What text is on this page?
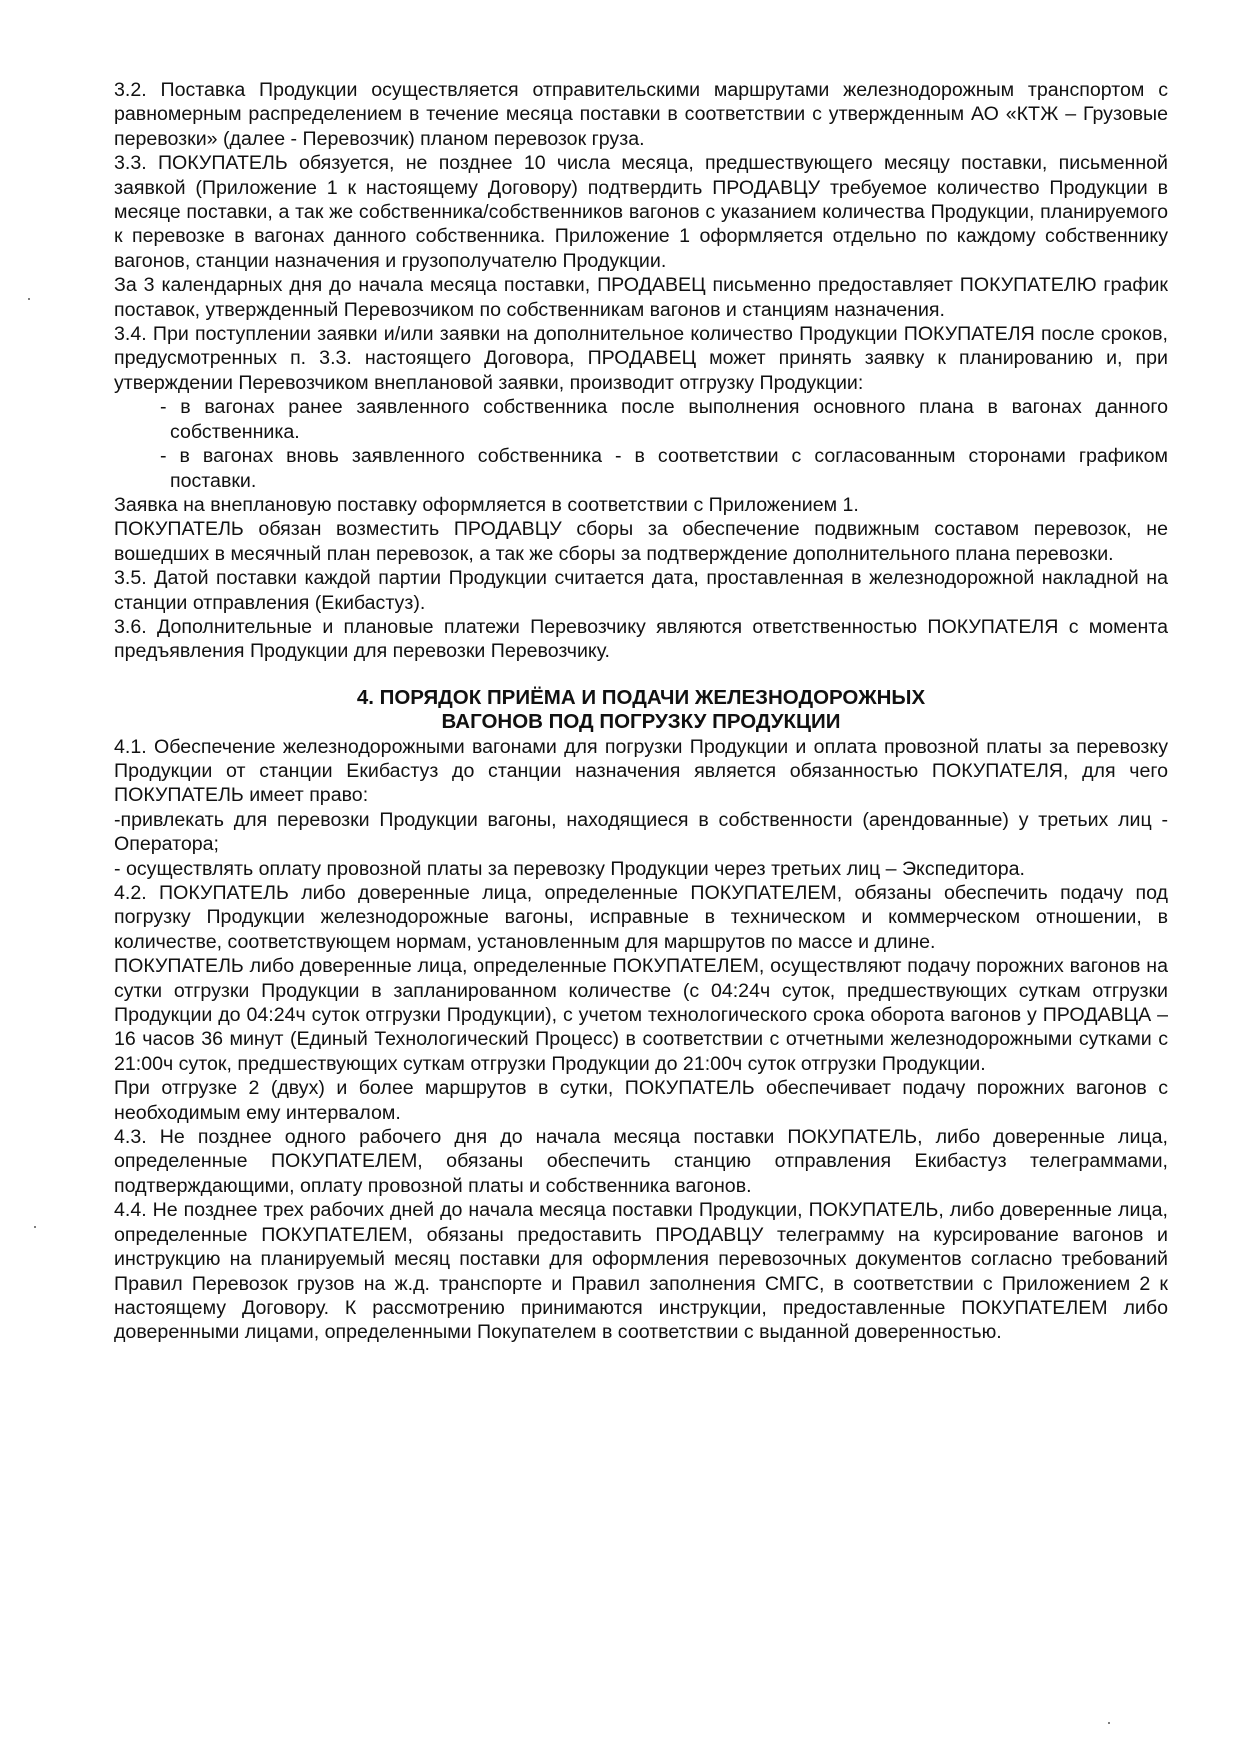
3.2. Поставка Продукции осуществляется отправительскими маршрутами железнодорожным транспортом с равномерным распределением в течение месяца поставки в соответствии с утвержденным АО «КТЖ – Грузовые перевозки» (далее - Перевозчик) планом перевозок груза.

3.3. ПОКУПАТЕЛЬ обязуется, не позднее 10 числа месяца, предшествующего месяцу поставки, письменной заявкой (Приложение 1 к настоящему Договору) подтвердить ПРОДАВЦУ требуемое количество Продукции в месяце поставки, а так же собственника/собственников вагонов с указанием количества Продукции, планируемого к перевозке в вагонах данного собственника. Приложение 1 оформляется отдельно по каждому собственнику вагонов, станции назначения и грузополучателю Продукции.

За 3 календарных дня до начала месяца поставки, ПРОДАВЕЦ письменно предоставляет ПОКУПАТЕЛЮ график поставок, утвержденный Перевозчиком по собственникам вагонов и станциям назначения.

3.4. При поступлении заявки и/или заявки на дополнительное количество Продукции ПОКУПАТЕЛЯ после сроков, предусмотренных п. 3.3. настоящего Договора, ПРОДАВЕЦ может принять заявку к планированию и, при утверждении Перевозчиком внеплановой заявки, производит отгрузку Продукции:

- в вагонах ранее заявленного собственника после выполнения основного плана в вагонах данного собственника.

- в вагонах вновь заявленного собственника - в соответствии с согласованным сторонами графиком поставки.

Заявка на внеплановую поставку оформляется в соответствии с Приложением 1.

ПОКУПАТЕЛЬ обязан возместить ПРОДАВЦУ сборы за обеспечение подвижным составом перевозок, не вошедших в месячный план перевозок, а так же сборы за подтверждение дополнительного плана перевозки.

3.5. Датой поставки каждой партии Продукции считается дата, проставленная в железнодорожной накладной на станции отправления (Екибастуз).

3.6. Дополнительные и плановые платежи Перевозчику являются ответственностью ПОКУПАТЕЛЯ с момента предъявления Продукции для перевозки Перевозчику.

4. ПОРЯДОК ПРИЁМА И ПОДАЧИ ЖЕЛЕЗНОДОРОЖНЫХ
ВАГОНОВ ПОД ПОГРУЗКУ ПРОДУКЦИИ

4.1. Обеспечение железнодорожными вагонами для погрузки Продукции и оплата провозной платы за перевозку Продукции от станции Екибастуз до станции назначения является обязанностью ПОКУПАТЕЛЯ, для чего ПОКУПАТЕЛЬ имеет право:

-привлекать для перевозки Продукции вагоны, находящиеся в собственности (арендованные) у третьих лиц - Оператора;

- осуществлять оплату провозной платы за перевозку Продукции через третьих лиц – Экспедитора.

4.2. ПОКУПАТЕЛЬ либо доверенные лица, определенные ПОКУПАТЕЛЕМ, обязаны обеспечить подачу под погрузку Продукции железнодорожные вагоны, исправные в техническом и коммерческом отношении, в количестве, соответствующем нормам, установленным для маршрутов по массе и длине.

ПОКУПАТЕЛЬ либо доверенные лица, определенные ПОКУПАТЕЛЕМ, осуществляют подачу порожних вагонов на сутки отгрузки Продукции в запланированном количестве (с 04:24ч суток, предшествующих суткам отгрузки Продукции до 04:24ч суток отгрузки Продукции), с учетом технологического срока оборота вагонов у ПРОДАВЦА – 16 часов 36 минут (Единый Технологический Процесс) в соответствии с отчетными железнодорожными сутками с 21:00ч суток, предшествующих суткам отгрузки Продукции до 21:00ч суток отгрузки Продукции.

При отгрузке 2 (двух) и более маршрутов в сутки, ПОКУПАТЕЛЬ обеспечивает подачу порожних вагонов с необходимым ему интервалом.

4.3. Не позднее одного рабочего дня до начала месяца поставки ПОКУПАТЕЛЬ, либо доверенные лица, определенные ПОКУПАТЕЛЕМ, обязаны обеспечить станцию отправления Екибастуз телеграммами, подтверждающими, оплату провозной платы и собственника вагонов.

4.4. Не позднее трех рабочих дней до начала месяца поставки Продукции, ПОКУПАТЕЛЬ, либо доверенные лица, определенные ПОКУПАТЕЛЕМ, обязаны предоставить ПРОДАВЦУ телеграмму на курсирование вагонов и инструкцию на планируемый месяц поставки для оформления перевозочных документов согласно требований Правил Перевозок грузов на ж.д. транспорте и Правил заполнения СМГС, в соответствии с Приложением 2 к настоящему Договору. К рассмотрению принимаются инструкции, предоставленные ПОКУПАТЕЛЕМ либо доверенными лицами, определенными Покупателем в соответствии с выданной доверенностью.
